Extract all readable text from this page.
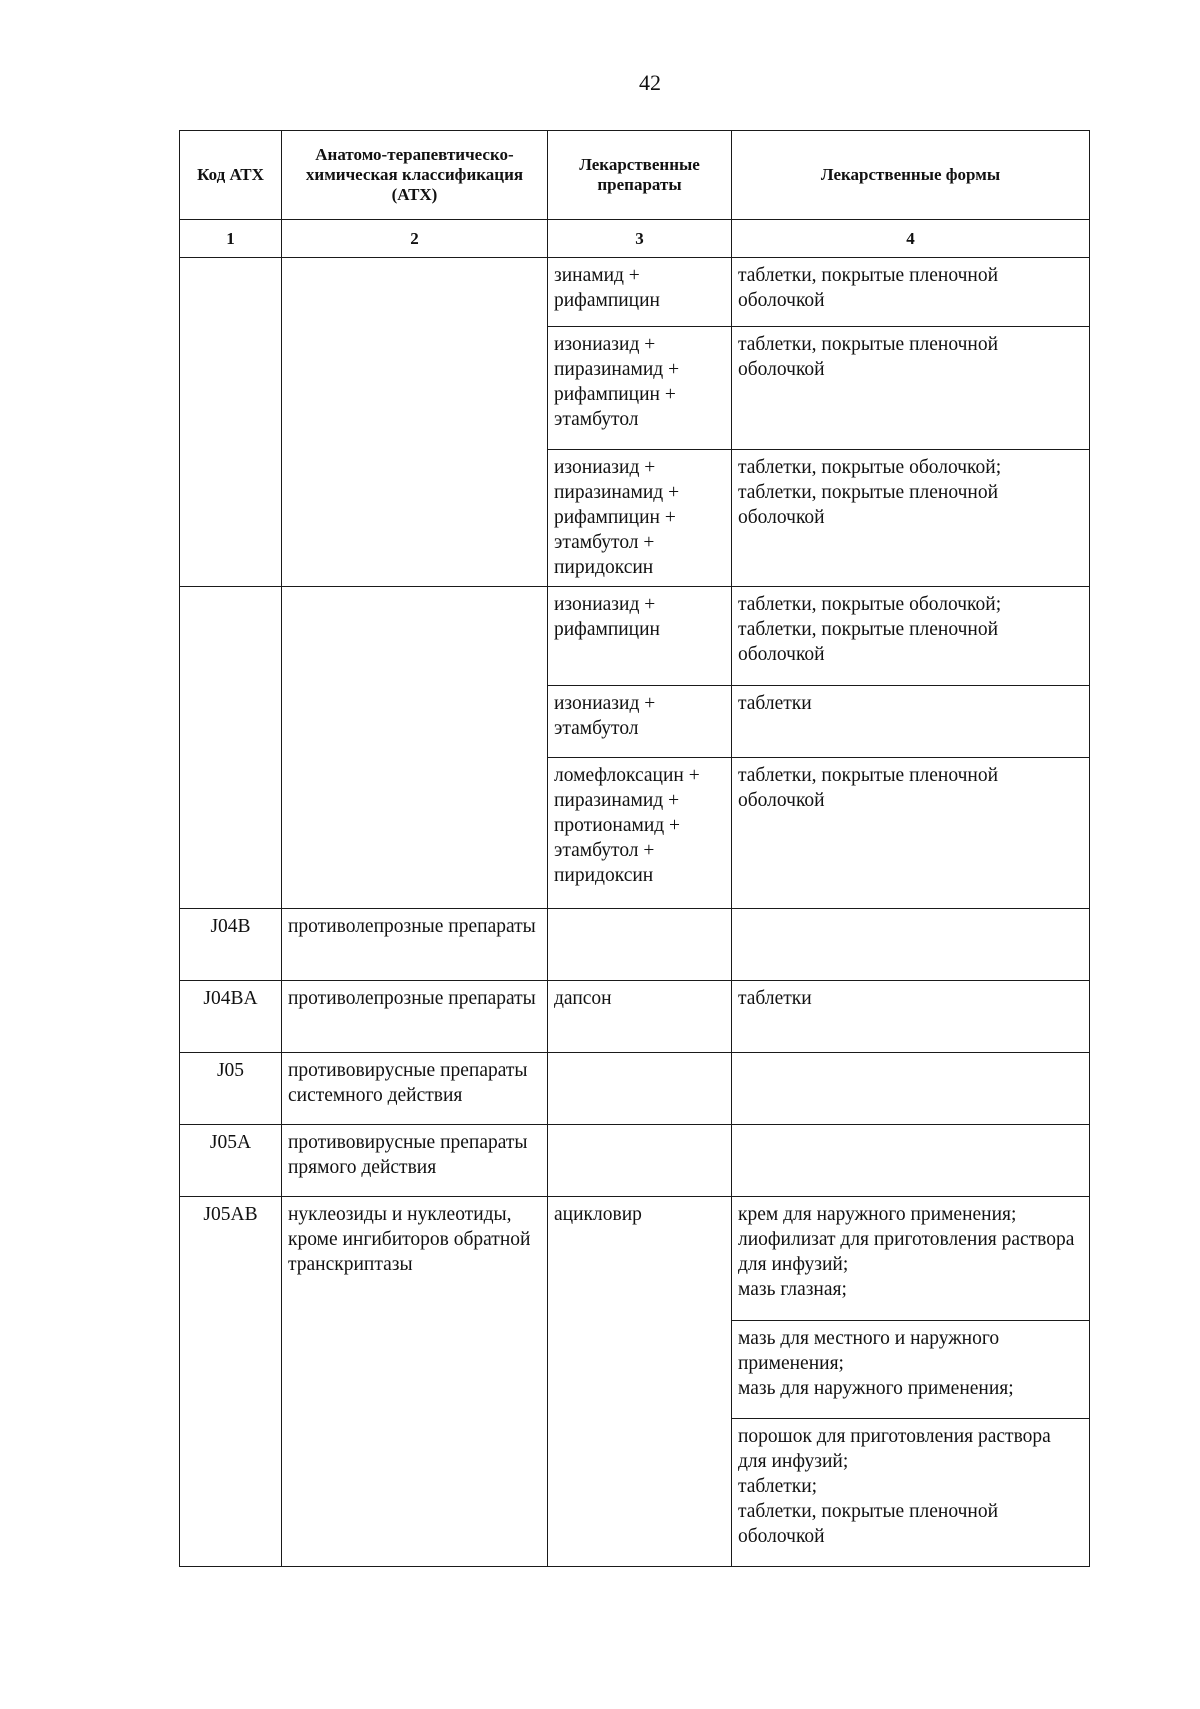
42
Код АТХ	Анатомо-терапевтическо-химическая классификация (АТХ)	Лекарственные препараты	Лекарственные формы
1	2	3	4
		зинамид + рифампицин	таблетки, покрытые пленочной оболочкой
		изониазид + пиразинамид + рифампицин + этамбутол	таблетки, покрытые пленочной оболочкой
		изониазид + пиразинамид + рифампицин + этамбутол + пиридоксин	таблетки, покрытые оболочкой;
таблетки, покрытые пленочной оболочкой
		изониазид + рифампицин	таблетки, покрытые оболочкой;
таблетки, покрытые пленочной оболочкой
		изониазид + этамбутол	таблетки
		ломефлоксацин + пиразинамид + протионамид + этамбутол + пиридоксин	таблетки, покрытые пленочной оболочкой
J04B	противолепрозные препараты		
J04BA	противолепрозные препараты	дапсон	таблетки
J05	противовирусные препараты системного действия		
J05A	противовирусные препараты прямого действия		
J05AB	нуклеозиды и нуклеотиды, кроме ингибиторов обратной транскриптазы	ацикловир	крем для наружного применения;
лиофилизат для приготовления раствора для инфузий;
мазь глазная;
			мазь для местного и наружного применения;
мазь для наружного применения;
			порошок для приготовления раствора для инфузий;
таблетки;
таблетки, покрытые пленочной оболочкой
